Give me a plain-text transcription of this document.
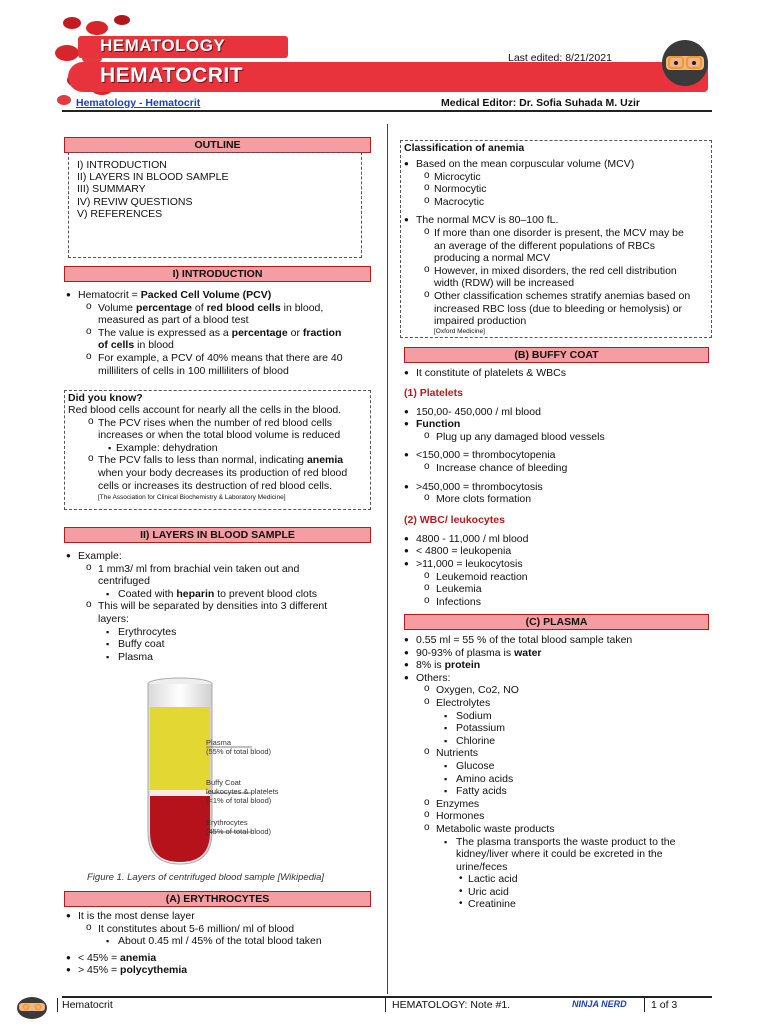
HEMATOLOGY
HEMATOCRIT
Last edited: 8/21/2021
Hematology - Hematocrit	Medical Editor: Dr. Sofia Suhada M. Uzir
OUTLINE
I) INTRODUCTION
II) LAYERS IN BLOOD SAMPLE
III) SUMMARY
IV) REVIW QUESTIONS
V) REFERENCES
I) INTRODUCTION
● Hematocrit = Packed Cell Volume (PCV)
o Volume percentage of red blood cells in blood,
measured as part of a blood test
o The value is expressed as a percentage or fraction
of cells in blood
o For example, a PCV of 40% means that there are 40
milliliters of cells in 100 milliliters of blood
Did you know?
Red blood cells account for nearly all the cells in the blood.
o The PCV rises when the number of red blood cells
increases or when the total blood volume is reduced
▪ Example: dehydration
o The PCV falls to less than normal, indicating anemia
when your body decreases its production of red blood
cells or increases its destruction of red blood cells.
[The Association for Clinical Biochemistry & Laboratory Medicine]
II) LAYERS IN BLOOD SAMPLE
● Example:
o 1 mm3/ ml from brachial vein taken out and
centrifuged
▪ Coated with heparin to prevent blood clots
o This will be separated by densities into 3 different
layers:
▪ Erythrocytes
▪ Buffy coat
▪ Plasma
Plasma
(55% of total blood)
Buffy Coat
leukocytes & platelets
(<1% of total blood)
Erythrocytes
(45% of total blood)
Figure 1. Layers of centrifuged blood sample [Wikipedia]
(A) ERYTHROCYTES
● It is the most dense layer
o It constitutes about 5-6 million/ ml of blood
▪ About 0.45 ml / 45% of the total blood taken
● < 45% = anemia
● > 45% = polycythemia
Classification of anemia
● Based on the mean corpuscular volume (MCV)
o Microcytic
o Normocytic
o Macrocytic
● The normal MCV is 80–100 fL.
o If more than one disorder is present, the MCV may be
an average of the different populations of RBCs
producing a normal MCV
o However, in mixed disorders, the red cell distribution
width (RDW) will be increased
o Other classification schemes stratify anemias based on
increased RBC loss (due to bleeding or hemolysis) or
impaired production
[Oxford Medicine]
(B) BUFFY COAT
● It constitute of platelets & WBCs
(1) Platelets
● 150,00- 450,000 / ml blood
● Function
o Plug up any damaged blood vessels
● <150,000 = thrombocytopenia
o Increase chance of bleeding
● >450,000 = thrombocytosis
o More clots formation
(2) WBC/ leukocytes
● 4800 - 11,000 / ml blood
● < 4800 = leukopenia
● >11,000 = leukocytosis
o Leukemoid reaction
o Leukemia
o Infections
(C) PLASMA
● 0.55 ml = 55 % of the total blood sample taken
● 90-93% of plasma is water
● 8% is protein
● Others:
o Oxygen, Co2, NO
o Electrolytes
▪ Sodium
▪ Potassium
▪ Chlorine
o Nutrients
▪ Glucose
▪ Amino acids
▪ Fatty acids
o Enzymes
o Hormones
o Metabolic waste products
▪ The plasma transports the waste product to the
kidney/liver where it could be excreted in the
urine/feces
• Lactic acid
• Uric acid
• Creatinine
Hematocrit	HEMATOLOGY: Note #1.	NINJA NERD 1 of 3
